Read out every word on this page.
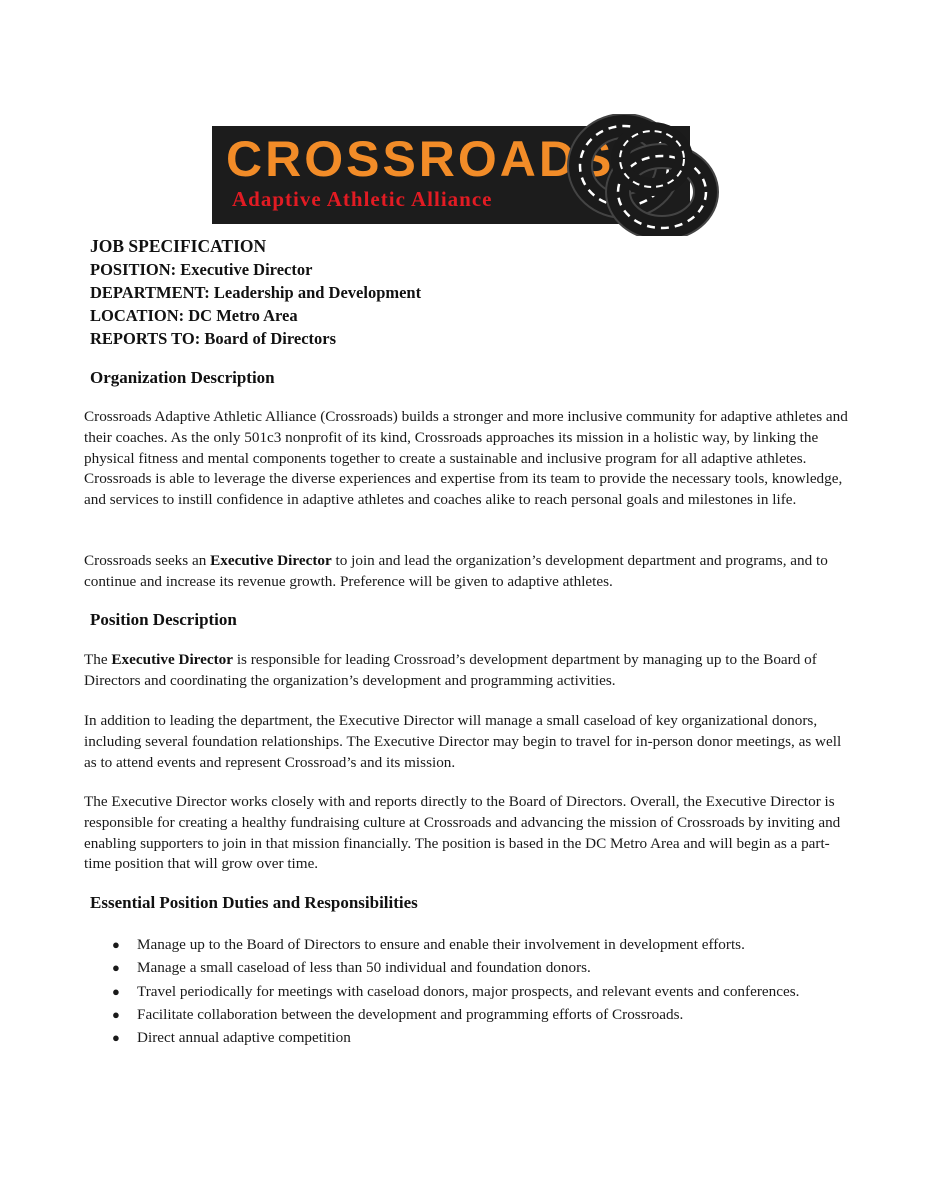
CROSSROADS
Adaptive Athletic Alliance
JOB SPECIFICATION
POSITION: Executive Director
DEPARTMENT: Leadership and Development
LOCATION: DC Metro Area
REPORTS TO: Board of Directors
Organization Description

Crossroads Adaptive Athletic Alliance (Crossroads) builds a stronger and more inclusive community for adaptive athletes and their coaches. As the only 501c3 nonprofit of its kind, Crossroads approaches its mission in a holistic way, by linking the physical fitness and mental components together to create a sustainable and inclusive program for all adaptive athletes. Crossroads is able to leverage the diverse experiences and expertise from its team to provide the necessary tools, knowledge, and services to instill confidence in adaptive athletes and coaches alike to reach personal goals and milestones in life.

Crossroads seeks an Executive Director to join and lead the organization’s development department and programs, and to continue and increase its revenue growth. Preference will be given to adaptive athletes.

Position Description

The Executive Director is responsible for leading Crossroad’s development department by managing up to the Board of Directors and coordinating the organization’s development and programming activities.

In addition to leading the department, the Executive Director will manage a small caseload of key organizational donors, including several foundation relationships. The Executive Director may begin to travel for in-person donor meetings, as well as to attend events and represent Crossroad’s and its mission.

The Executive Director works closely with and reports directly to the Board of Directors. Overall, the Executive Director is responsible for creating a healthy fundraising culture at Crossroads and advancing the mission of Crossroads by inviting and enabling supporters to join in that mission financially. The position is based in the DC Metro Area and will begin as a part-time position that will grow over time.

Essential Position Duties and Responsibilities
● Manage up to the Board of Directors to ensure and enable their involvement in development efforts.
● Manage a small caseload of less than 50 individual and foundation donors.
● Travel periodically for meetings with caseload donors, major prospects, and relevant events and conferences.
● Facilitate collaboration between the development and programming efforts of Crossroads.
● Direct annual adaptive competition
